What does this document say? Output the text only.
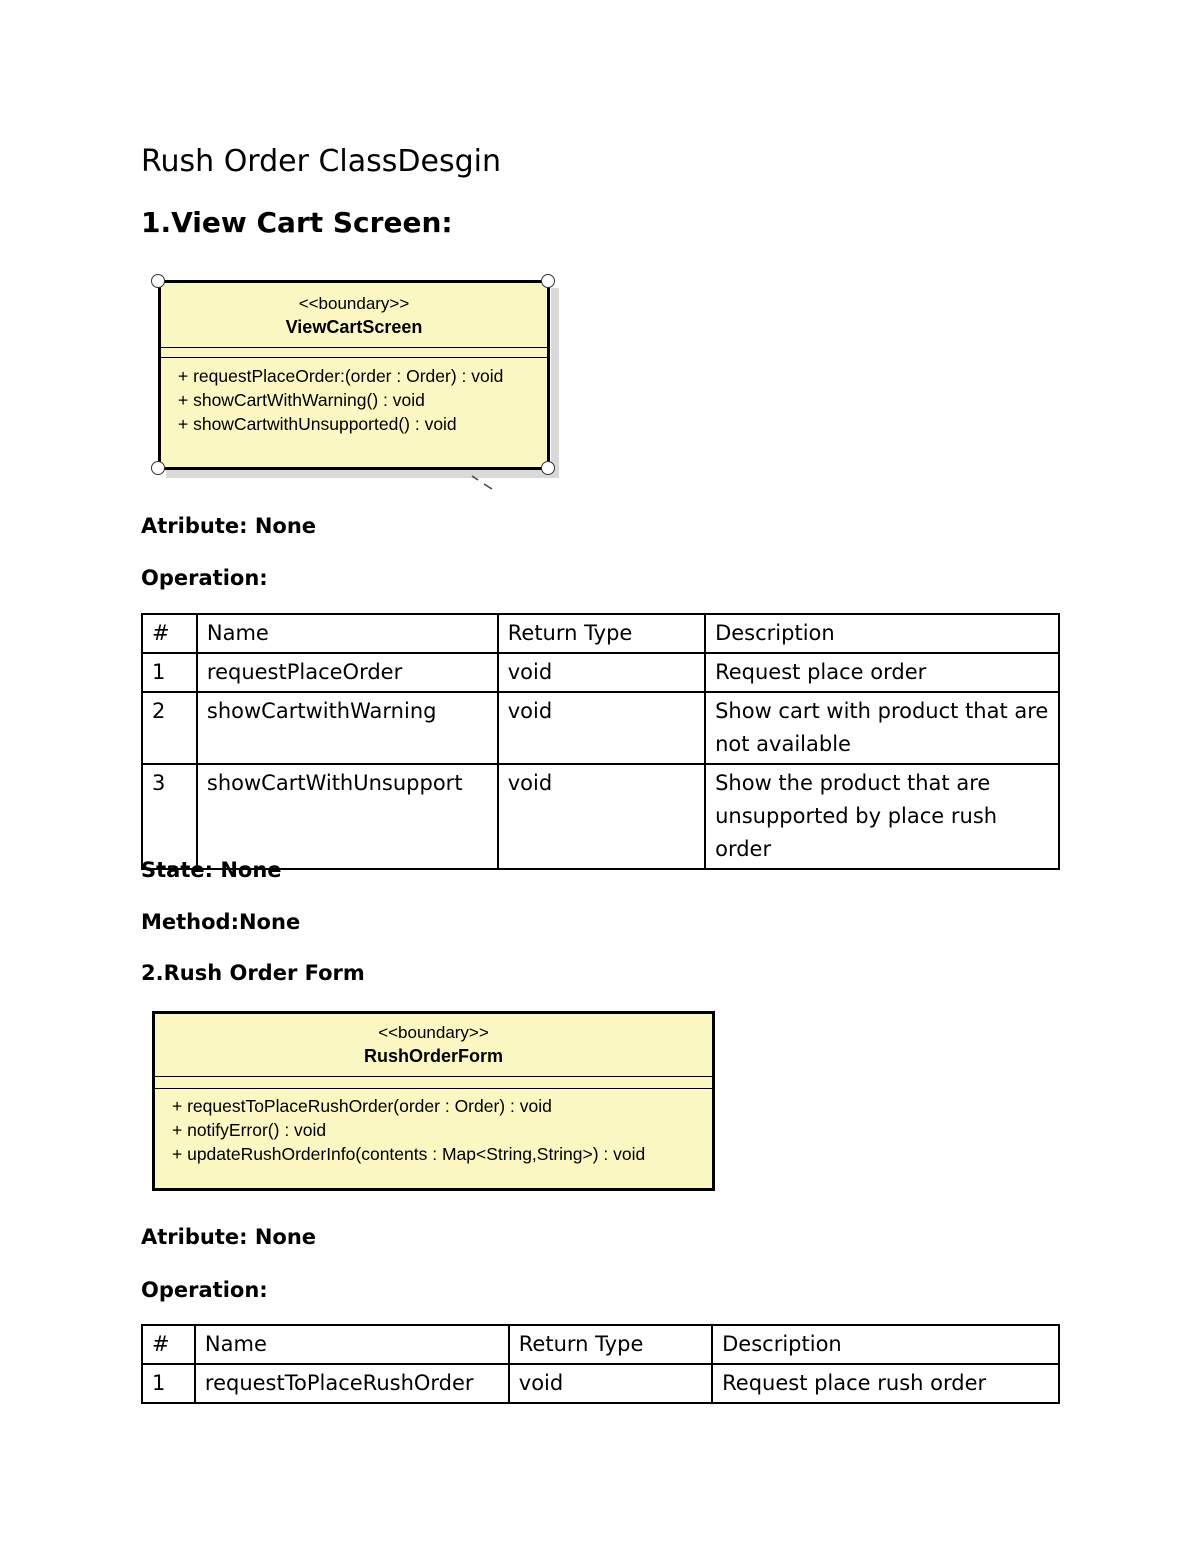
Rush Order ClassDesgin
1.View Cart Screen:
<<boundary>>
ViewCartScreen
+ requestPlaceOrder:(order : Order) : void
+ showCartWithWarning() : void
+ showCartwithUnsupported() : void
Atribute: None
Operation:
#	Name	Return Type	Description
1	requestPlaceOrder	void	Request place order
2	showCartwithWarning	void	Show cart with product that are not available
3	showCartWithUnsupport	void	Show the product that are unsupported by place rush order
State: None
Method:None
2.Rush Order Form
<<boundary>>
RushOrderForm
+ requestToPlaceRushOrder(order : Order) : void
+ notifyError() : void
+ updateRushOrderInfo(contents : Map<String,String>) : void
Atribute: None
Operation:
#	Name	Return Type	Description
1	requestToPlaceRushOrder	void	Request place rush order
